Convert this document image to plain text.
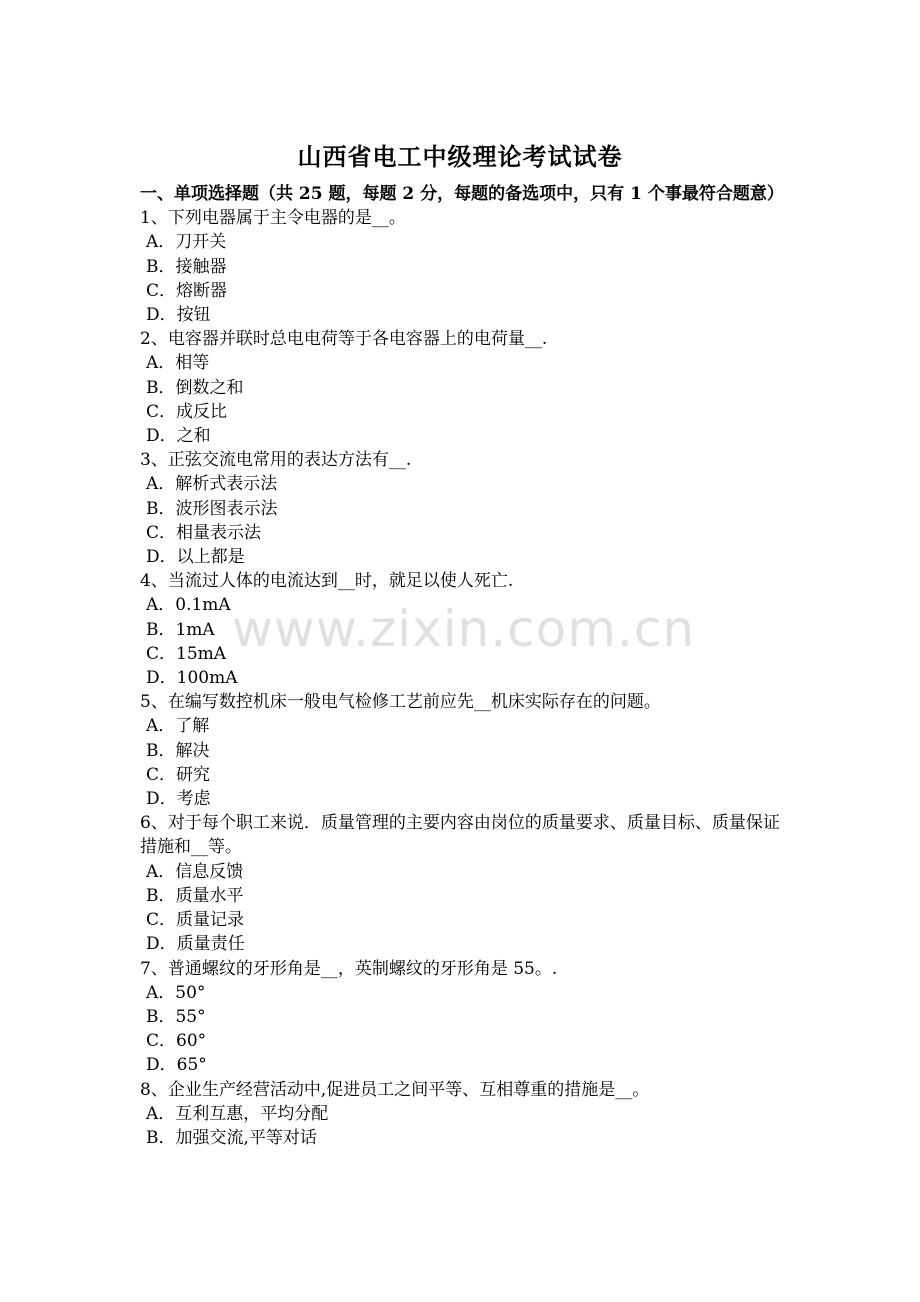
山西省电工中级理论考试试卷
一、单项选择题（共 25 题，每题 2 分，每题的备选项中，只有 1 个事最符合题意）
1、下列电器属于主令电器的是__。
A．刀开关
B．接触器
C．熔断器
D．按钮
2、电容器并联时总电电荷等于各电容器上的电荷量__.
A．相等
B．倒数之和
C．成反比
D．之和
3、正弦交流电常用的表达方法有__.
A．解析式表示法
B．波形图表示法
C．相量表示法
D．以上都是
4、当流过人体的电流达到__时，就足以使人死亡.
A．0.1mA
B．1mA
C．15mA
D．100mA
5、在编写数控机床一般电气检修工艺前应先__机床实际存在的问题。
A．了解
B．解决
C．研究
D．考虑
6、对于每个职工来说．质量管理的主要内容由岗位的质量要求、质量目标、质量保证措施和__等。
A．信息反馈
B．质量水平
C．质量记录
D．质量责任
7、普通螺纹的牙形角是__，英制螺纹的牙形角是 55。.
A．50°
B．55°
C．60°
D．65°
8、企业生产经营活动中,促进员工之间平等、互相尊重的措施是__。
A．互利互惠，平均分配
B．加强交流,平等对话
www.zixin.com.cn
